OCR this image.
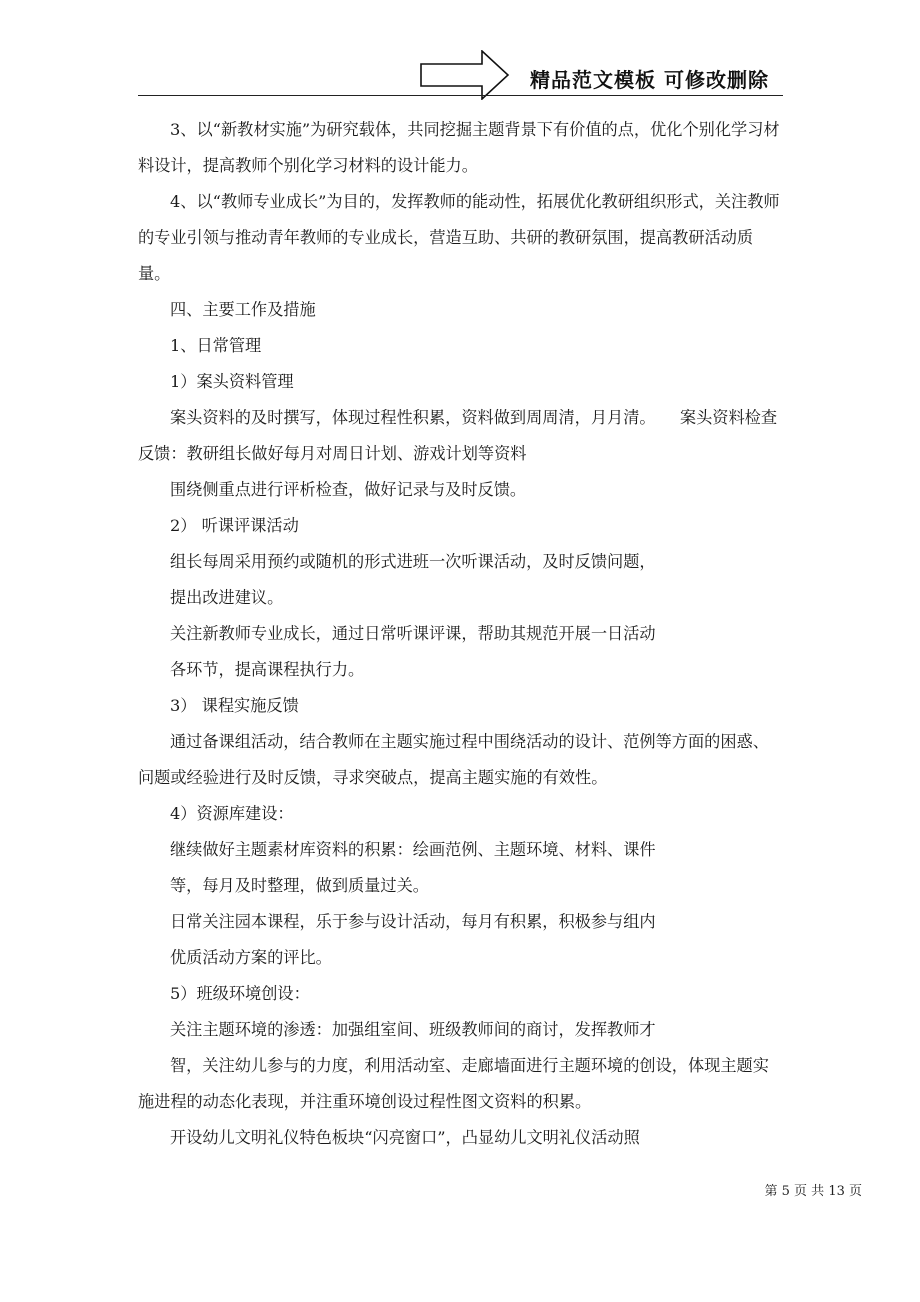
精品范文模板 可修改删除

3、以“新教材实施”为研究载体，共同挖掘主题背景下有价值的点，优化个别化学习材料设计，提高教师个别化学习材料的设计能力。

4、以“教师专业成长”为目的，发挥教师的能动性，拓展优化教研组织形式，关注教师的专业引领与推动青年教师的专业成长，营造互助、共研的教研氛围，提高教研活动质量。

四、主要工作及措施

1、日常管理

1）案头资料管理

案头资料的及时撰写，体现过程性积累，资料做到周周清，月月清。　　案头资料检查反馈：教研组长做好每月对周日计划、游戏计划等资料

围绕侧重点进行评析检查，做好记录与及时反馈。

2） 听课评课活动

组长每周采用预约或随机的形式进班一次听课活动，及时反馈问题，

提出改进建议。

关注新教师专业成长，通过日常听课评课，帮助其规范开展一日活动

各环节，提高课程执行力。

3） 课程实施反馈

通过备课组活动，结合教师在主题实施过程中围绕活动的设计、范例等方面的困惑、问题或经验进行及时反馈，寻求突破点，提高主题实施的有效性。

4）资源库建设：

继续做好主题素材库资料的积累：绘画范例、主题环境、材料、课件

等，每月及时整理，做到质量过关。

日常关注园本课程，乐于参与设计活动，每月有积累，积极参与组内

优质活动方案的评比。

5）班级环境创设：

关注主题环境的渗透：加强组室间、班级教师间的商讨，发挥教师才

智，关注幼儿参与的力度，利用活动室、走廊墙面进行主题环境的创设，体现主题实施进程的动态化表现，并注重环境创设过程性图文资料的积累。

开设幼儿文明礼仪特色板块“闪亮窗口”，凸显幼儿文明礼仪活动照

第 5 页 共 13 页
